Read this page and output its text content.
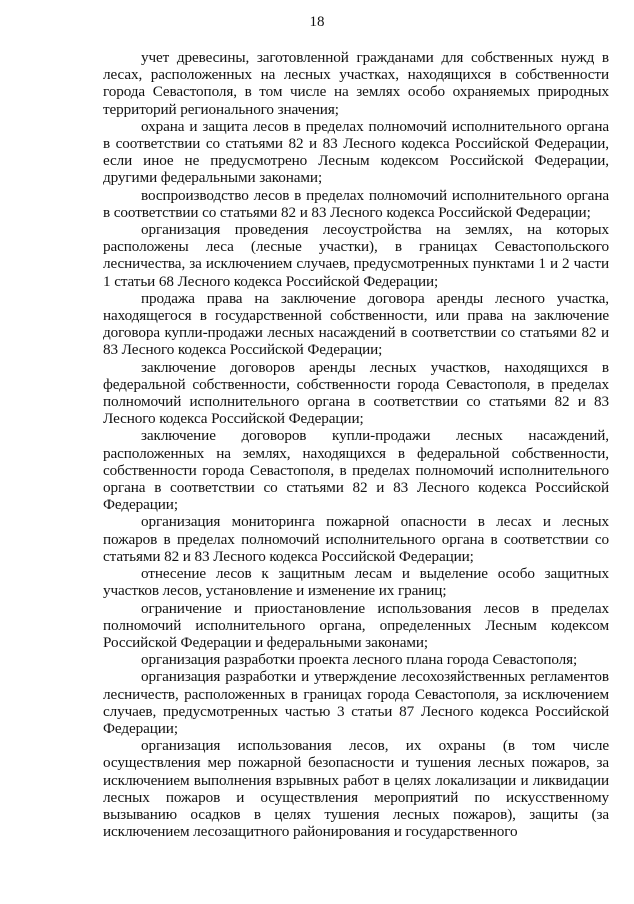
18

учет древесины, заготовленной гражданами для собственных нужд в лесах, расположенных на лесных участках, находящихся в собственности города Севастополя, в том числе на землях особо охраняемых природных территорий регионального значения;

охрана и защита лесов в пределах полномочий исполнительного органа в соответствии со статьями 82 и 83 Лесного кодекса Российской Федерации, если иное не предусмотрено Лесным кодексом Российской Федерации, другими федеральными законами;

воспроизводство лесов в пределах полномочий исполнительного органа в соответствии со статьями 82 и 83 Лесного кодекса Российской Федерации;

организация проведения лесоустройства на землях, на которых расположены леса (лесные участки), в границах Севастопольского лесничества, за исключением случаев, предусмотренных пунктами 1 и 2 части 1 статьи 68 Лесного кодекса Российской Федерации;

продажа права на заключение договора аренды лесного участка, находящегося в государственной собственности, или права на заключение договора купли-продажи лесных насаждений в соответствии со статьями 82 и 83 Лесного кодекса Российской Федерации;

заключение договоров аренды лесных участков, находящихся в федеральной собственности, собственности города Севастополя, в пределах полномочий исполнительного органа в соответствии со статьями 82 и 83 Лесного кодекса Российской Федерации;

заключение договоров купли-продажи лесных насаждений, расположенных на землях, находящихся в федеральной собственности, собственности города Севастополя, в пределах полномочий исполнительного органа в соответствии со статьями 82 и 83 Лесного кодекса Российской Федерации;

организация мониторинга пожарной опасности в лесах и лесных пожаров в пределах полномочий исполнительного органа в соответствии со статьями 82 и 83 Лесного кодекса Российской Федерации;

отнесение лесов к защитным лесам и выделение особо защитных участков лесов, установление и изменение их границ;

ограничение и приостановление использования лесов в пределах полномочий исполнительного органа, определенных Лесным кодексом Российской Федерации и федеральными законами;

организация разработки проекта лесного плана города Севастополя;

организация разработки и утверждение лесохозяйственных регламентов лесничеств, расположенных в границах города Севастополя, за исключением случаев, предусмотренных частью 3 статьи 87 Лесного кодекса Российской Федерации;

организация использования лесов, их охраны (в том числе осуществления мер пожарной безопасности и тушения лесных пожаров, за исключением выполнения взрывных работ в целях локализации и ликвидации лесных пожаров и осуществления мероприятий по искусственному вызыванию осадков в целях тушения лесных пожаров), защиты (за исключением лесозащитного районирования и государственного
